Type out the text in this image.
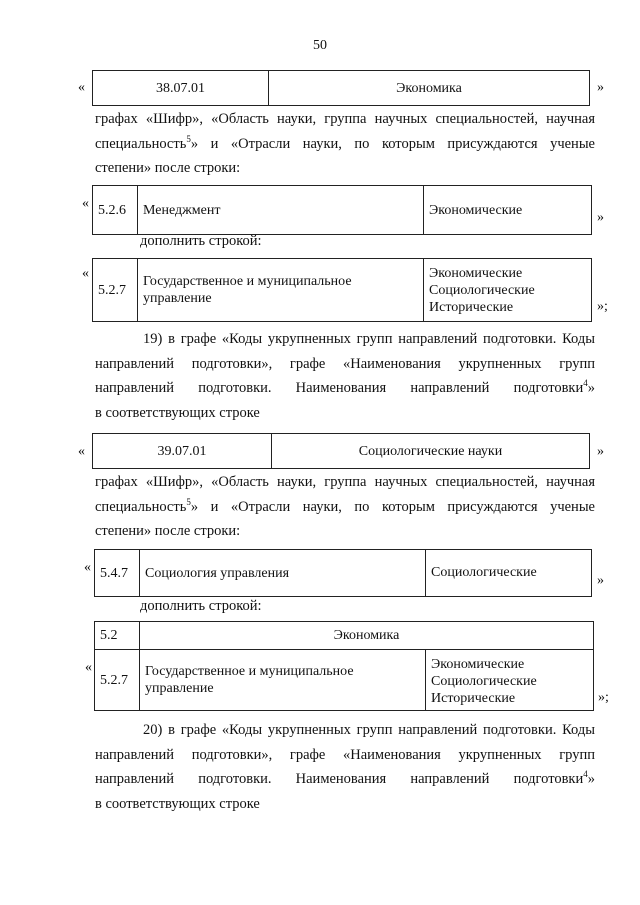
50
«	38.07.01	Экономика	»
графах «Шифр», «Область науки, группа научных специальностей, научная
специальность$^5$» и «Отрасли науки, по которым присуждаются ученые
степени» после строки:
« 5.2.6	Менеджмент	Экономические	»
дополнить строкой:
«
5.2.7	Государственное и муниципальное
управление	Экономические
Социологические
Исторические	»;
19) в графе «Коды укрупненных групп направлений подготовки. Коды
направлений подготовки», графе «Наименования укрупненных групп
направлений подготовки. Наименования направлений подготовки$^4$»
в соответствующих строке
«	39.07.01	Социологические науки	»
графах «Шифр», «Область науки, группа научных специальностей, научная
специальность$^5$» и «Отрасли науки, по которым присуждаются ученые
степени» после строки:
« 5.4.7	Социология управления	Социологические
»
дополнить строкой:
5.2	Экономика	
5.2.7	Государственное и муниципальное
управление	Экономические
Социологические
Исторические
«
»;
20) в графе «Коды укрупненных групп направлений подготовки. Коды
направлений подготовки», графе «Наименования укрупненных групп
направлений подготовки. Наименования направлений подготовки$^4$»
в соответствующих строке
